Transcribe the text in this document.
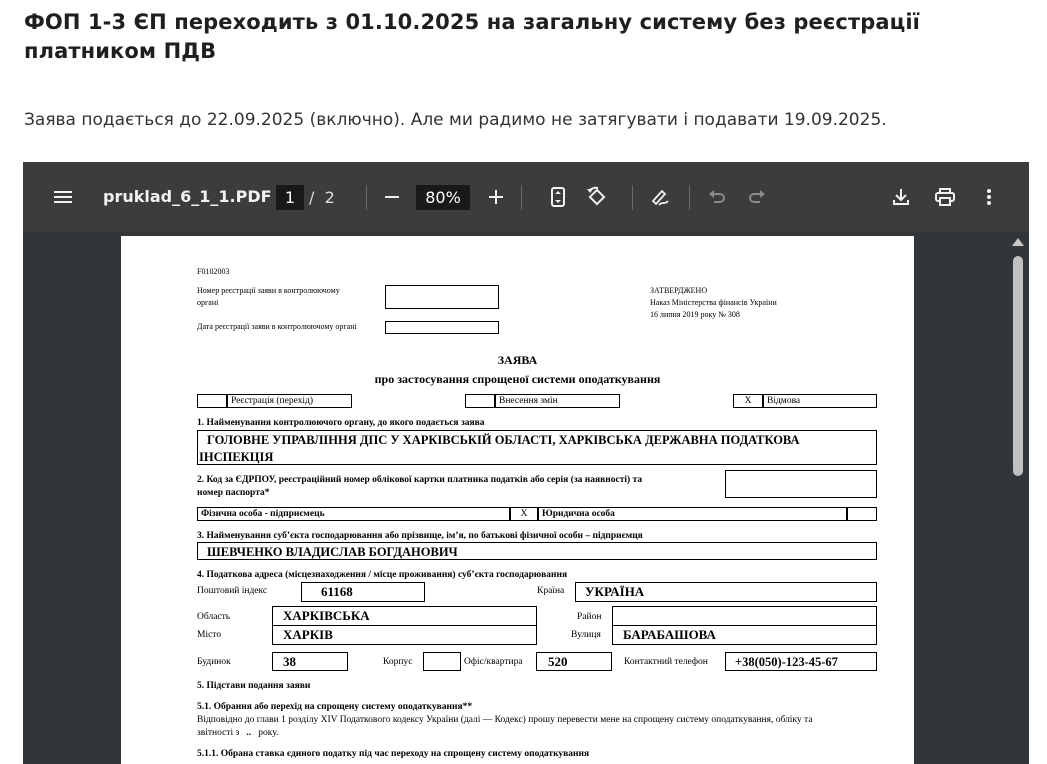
ФОП 1-3 ЄП переходить з 01.10.2025 на загальну систему без реєстрації платником ПДВ
Заява подається до 22.09.2025 (включно). Але ми радимо не затягувати і подавати 19.09.2025.
pruklad_6_1_1.PDF 1 / 2	80%
F0102003
Номер реєстрації заяви в контролюючому
органі
Дата реєстрації заяви в контролюючому органі
ЗАТВЕРДЖЕНО
Наказ Міністерства фінансів України
16 липня 2019 року № 308
ЗАЯВА
про застосування спрощеної системи оподаткування
Реєстрація (перехід)	Внесення змін	X	Відмова
1. Найменування контролюючого органу, до якого подається заява
ГОЛОВНЕ УПРАВЛІННЯ ДПС У ХАРКІВСЬКІЙ ОБЛАСТІ, ХАРКІВСЬКА ДЕРЖАВНА ПОДАТКОВА
ІНСПЕКЦІЯ
2. Код за ЄДРПОУ, реєстраційний номер облікової картки платника податків або серія (за наявності) та
номер паспорта*
Фізична особа - підприємець	X	Юридична особа
3. Найменування суб’єкта господарювання або прізвище, ім’я, по батькові фізичної особи – підприємця
ШЕВЧЕНКО ВЛАДИСЛАВ БОГДАНОВИЧ
4. Податкова адреса (місцезнаходження / місце проживання) суб’єкта господарювання
Поштовий індекс	61168	Країна УКРАЇНА
Область	ХАРКІВСЬКА	Район
Місто	ХАРКІВ	Вулиця БАРАБАШОВА
Будинок	38	Корпус	Офіс/квартира 520	Контактний телефон +38(050)-123-45-67
5. Підстави подання заяви
5.1. Обрання або перехід на спрощену систему оподаткування**
Відповідно до глави 1 розділу XIV Податкового кодексу України (далі — Кодекс) прошу перевести мене на спрощену систему оподаткування, обліку та
звітності з .. року.
5.1.1. Обрана ставка єдиного податку під час переходу на спрощену систему оподаткування
